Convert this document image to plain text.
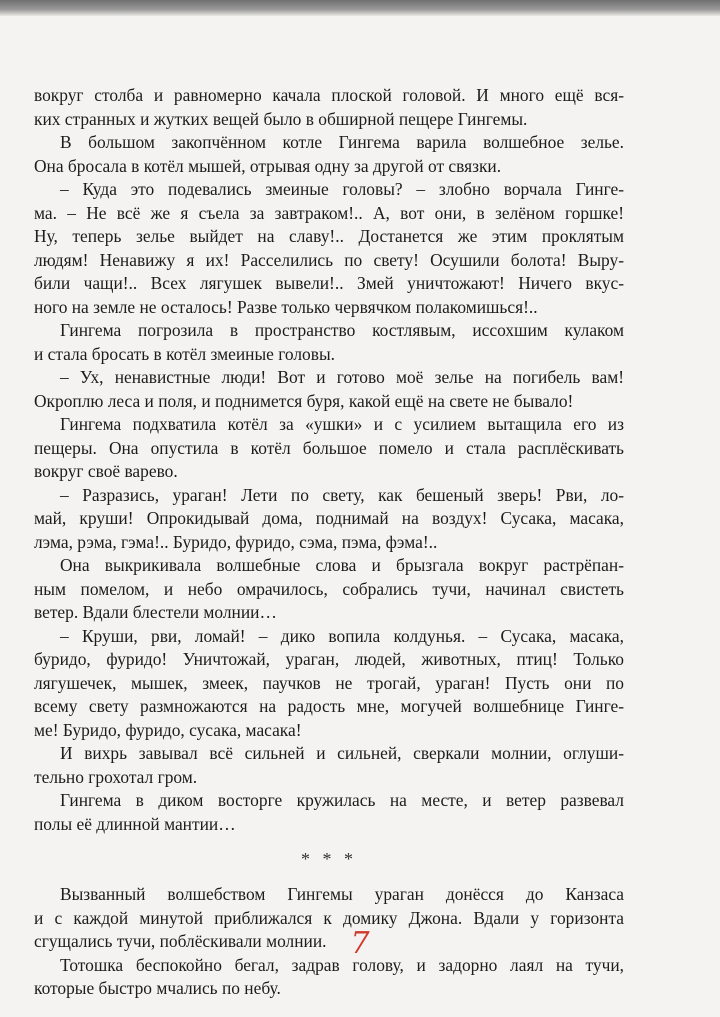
вокруг столба и равномерно качала плоской головой. И много ещё вся-
ких странных и жутких вещей было в обширной пещере Гингемы.
В большом закопчённом котле Гингема варила волшебное зелье.
Она бросала в котёл мышей, отрывая одну за другой от связки.
– Куда это подевались змеиные головы? – злобно ворчала Гинге-
ма. – Не всё же я съела за завтраком!.. А, вот они, в зелёном горшке!
Ну, теперь зелье выйдет на славу!.. Достанется же этим проклятым
людям! Ненавижу я их! Расселились по свету! Осушили болота! Выру-
били чащи!.. Всех лягушек вывели!.. Змей уничтожают! Ничего вкус-
ного на земле не осталось! Разве только червячком полакомишься!..
Гингема погрозила в пространство костлявым, иссохшим кулаком
и стала бросать в котёл змеиные головы.
– Ух, ненавистные люди! Вот и готово моё зелье на погибель вам!
Окроплю леса и поля, и поднимется буря, какой ещё на свете не бывало!
Гингема подхватила котёл за «ушки» и с усилием вытащила его из
пещеры. Она опустила в котёл большое помело и стала расплёскивать
вокруг своё варево.
– Разразись, ураган! Лети по свету, как бешеный зверь! Рви, ло-
май, круши! Опрокидывай дома, поднимай на воздух! Сусака, масака,
лэма, рэма, гэма!.. Буридо, фуридо, сэма, пэма, фэма!..
Она выкрикивала волшебные слова и брызгала вокруг растрёпан-
ным помелом, и небо омрачилось, собрались тучи, начинал свистеть
ветер. Вдали блестели молнии…
– Круши, рви, ломай! – дико вопила колдунья. – Сусака, масака,
буридо, фуридо! Уничтожай, ураган, людей, животных, птиц! Только
лягушечек, мышек, змеек, паучков не трогай, ураган! Пусть они по
всему свету размножаются на радость мне, могучей волшебнице Гинге-
ме! Буридо, фуридо, сусака, масака!
И вихрь завывал всё сильней и сильней, сверкали молнии, оглуши-
тельно грохотал гром.
Гингема в диком восторге кружилась на месте, и ветер развевал
полы её длинной мантии…
* * *
Вызванный волшебством Гингемы ураган донёсся до Канзаса
и с каждой минутой приближался к домику Джона. Вдали у горизонта
сгущались тучи, поблёскивали молнии.
Тотошка беспокойно бегал, задрав голову, и задорно лаял на тучи,
которые быстро мчались по небу.
7
